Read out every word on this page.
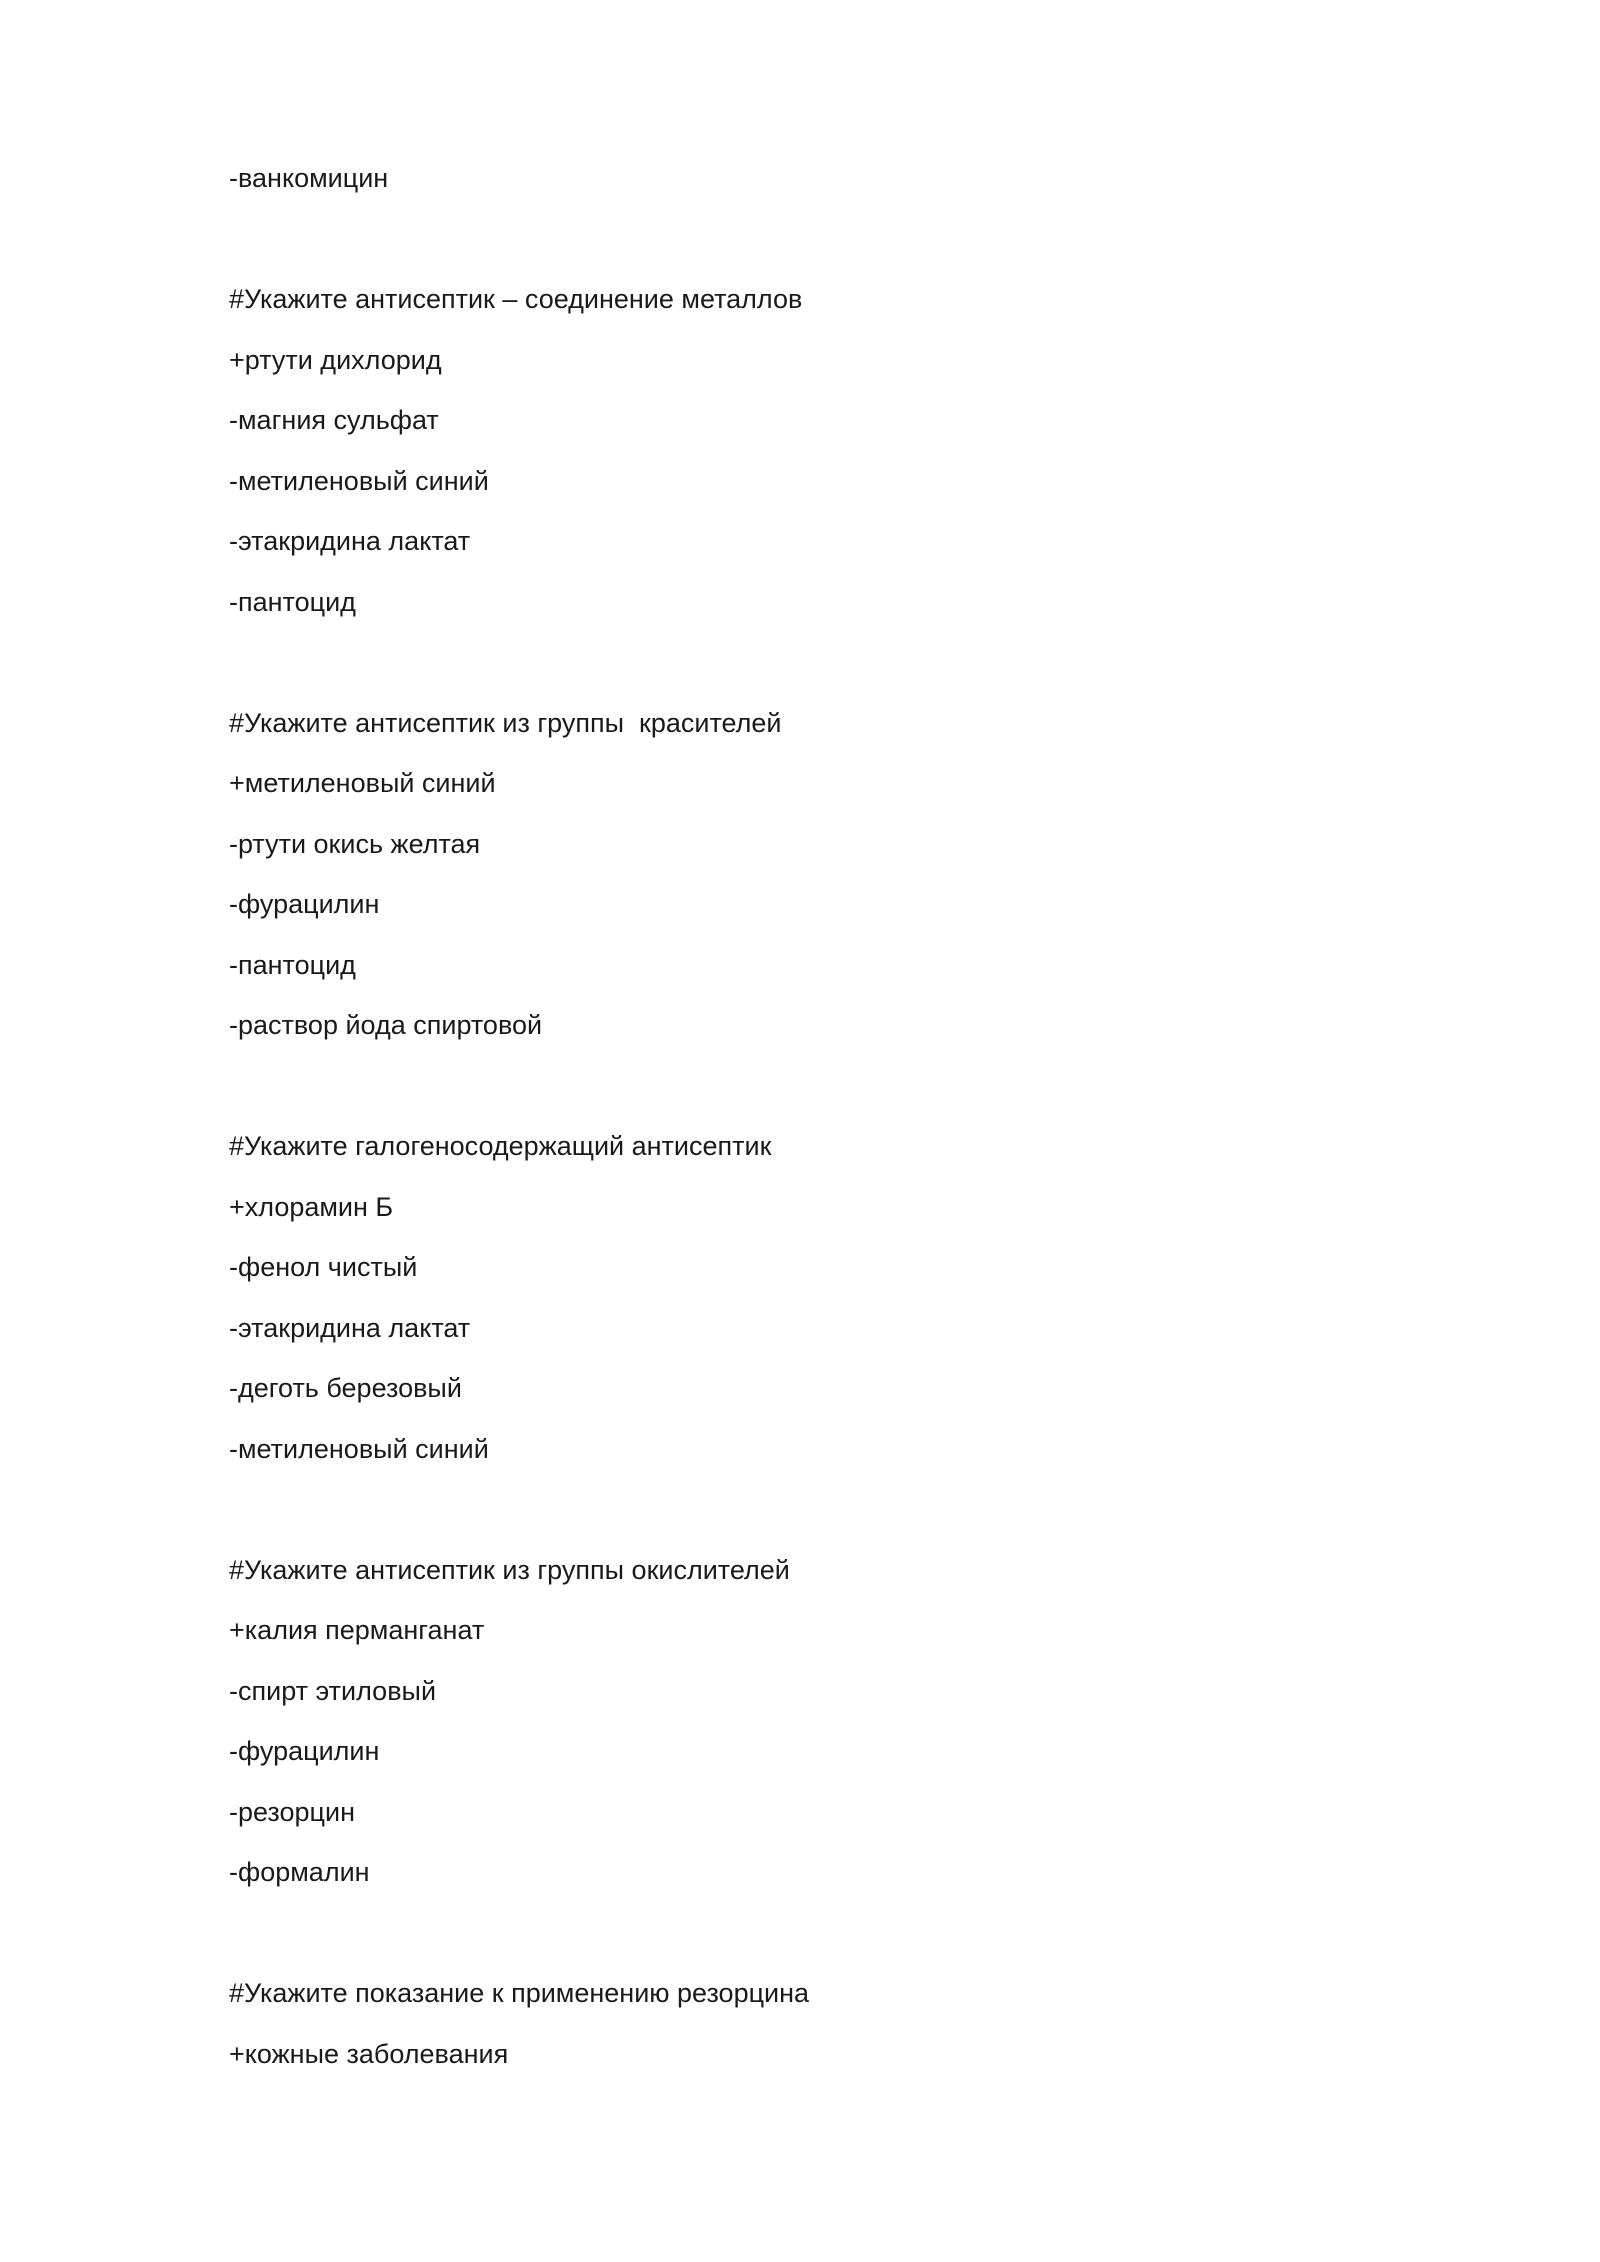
-ванкомицин
#Укажите антисептик – соединение металлов
+ртути дихлорид
-магния сульфат
-метиленовый синий
-этакридина лактат
-пантоцид
#Укажите антисептик из группы  красителей
+метиленовый синий
-ртути окись желтая
-фурацилин
-пантоцид
-раствор йода спиртовой
#Укажите галогеносодержащий антисептик
+хлорамин Б
-фенол чистый
-этакридина лактат
-деготь березовый
-метиленовый синий
#Укажите антисептик из группы окислителей
+калия перманганат
-спирт этиловый
-фурацилин
-резорцин
-формалин
#Укажите показание к применению резорцина
+кожные заболевания
